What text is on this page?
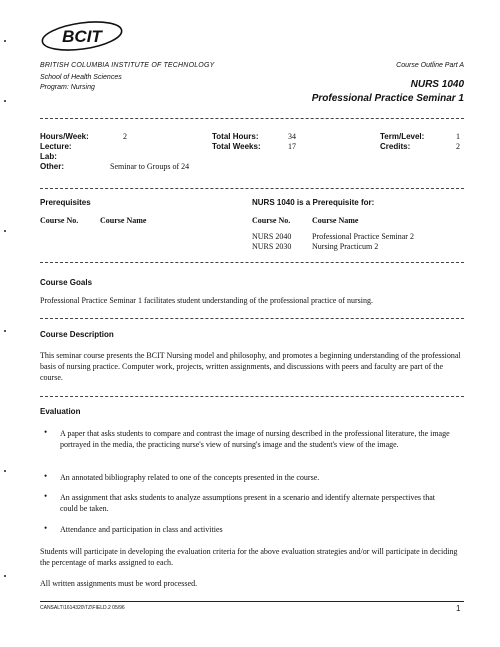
BCIT
BRITISH COLUMBIA INSTITUTE OF TECHNOLOGY
School of Health Sciences
Program: Nursing
Course Outline Part A
NURS 1040
Professional Practice Seminar 1
Hours/Week:	2
Lecture:
Lab:
Other:	Seminar to Groups of 24
Total Hours:	34
Total Weeks:	17
Term/Level:	1
Credits:	2
Prerequisites
Course No.	Course Name
NURS 1040 is a Prerequisite for:
Course No.	Course Name
NURS 2040	Professional Practice Seminar 2
NURS 2030	Nursing Practicum 2
Course Goals
Professional Practice Seminar 1 facilitates student understanding of the professional practice of nursing.
Course Description
This seminar course presents the BCIT Nursing model and philosophy, and promotes a beginning understanding of the professional basis of nursing practice. Computer work, projects, written assignments, and discussions with peers and faculty are part of the course.
Evaluation
• A paper that asks students to compare and contrast the image of nursing described in the professional literature, the image portrayed in the media, the practicing nurse's view of nursing's image and the student's view of the image.
• An annotated bibliography related to one of the concepts presented in the course.
• An assignment that asks students to analyze assumptions present in a scenario and identify alternate perspectives that could be taken.
• Attendance and participation in class and activities
Students will participate in developing the evaluation criteria for the above evaluation strategies and/or will participate in deciding the percentage of marks assigned to each.
All written assignments must be word processed.
CANSALT\1614320\TZ\FIELD.2 05/96	1
